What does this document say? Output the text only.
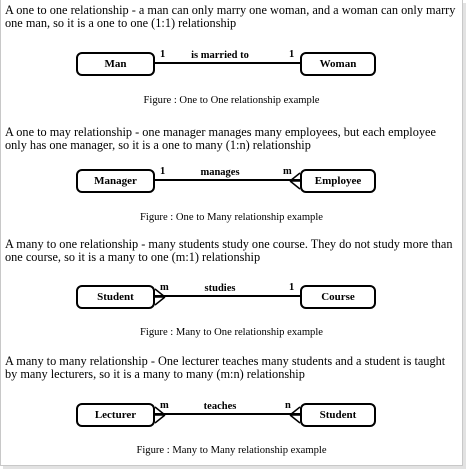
A one to one relationship - a man can only marry one woman, and a woman can only marry one man, so it is a one to one (1:1) relationship

Man	Woman
1	is married to	1
Figure : One to One relationship example

A one to may relationship - one manager manages many employees, but each employee only has one manager, so it is a one to many (1:n) relationship

Manager	Employee
1	manages	m
Figure : One to Many relationship example

A many to one relationship - many students study one course. They do not study more than one course, so it is a many to one (m:1) relationship

Student	Course
m	studies	1
Figure : Many to One relationship example

A many to many relationship - One lecturer teaches many students and a student is taught by many lecturers, so it is a many to many (m:n) relationship

Lecturer	Student
m	teaches	n
Figure : Many to Many relationship example
